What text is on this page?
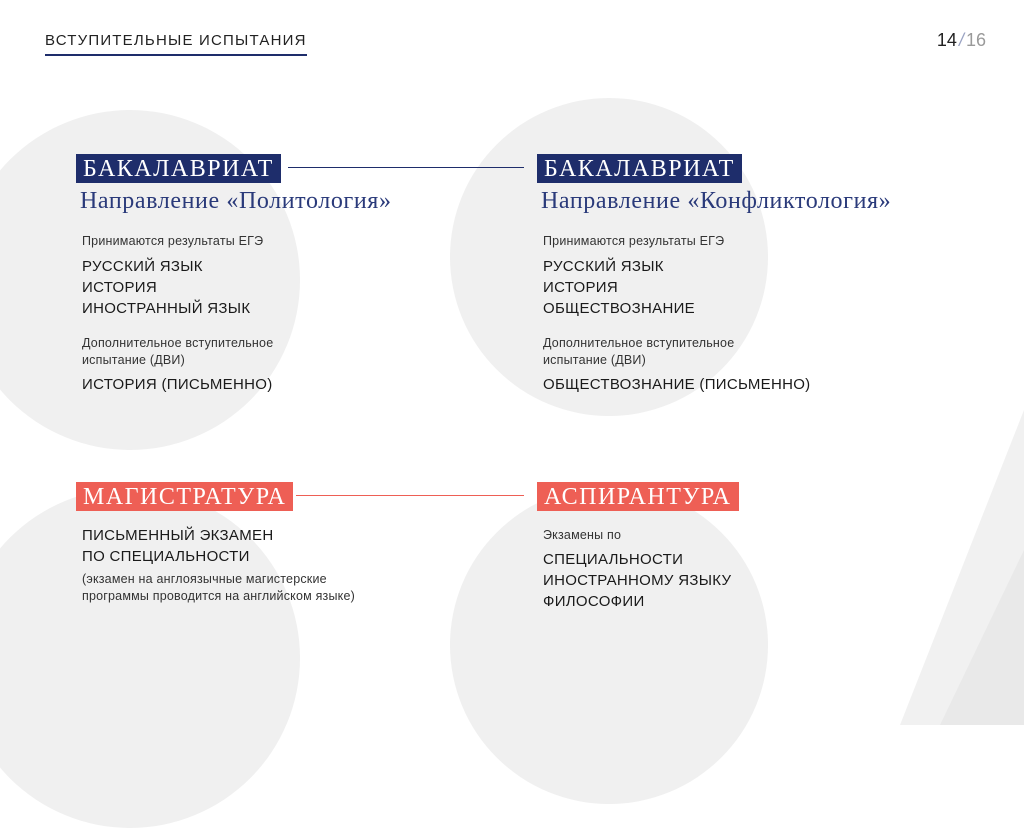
ВСТУПИТЕЛЬНЫЕ ИСПЫТАНИЯ	14 / 16
БАКАЛАВРИАТ
Направление «Политология»
Принимаются результаты ЕГЭ
РУССКИЙ ЯЗЫК
ИСТОРИЯ
ИНОСТРАННЫЙ ЯЗЫК
Дополнительное вступительное
испытание (ДВИ)
ИСТОРИЯ (ПИСЬМЕННО)
БАКАЛАВРИАТ
Направление «Конфликтология»
Принимаются результаты ЕГЭ
РУССКИЙ ЯЗЫК
ИСТОРИЯ
ОБЩЕСТВОЗНАНИЕ
Дополнительное вступительное
испытание (ДВИ)
ОБЩЕСТВОЗНАНИЕ (ПИСЬМЕННО)
МАГИСТРАТУРА
ПИСЬМЕННЫЙ ЭКЗАМЕН
ПО СПЕЦИАЛЬНОСТИ
(экзамен на англоязычные магистерские
программы проводится на английском языке)
АСПИРАНТУРА
Экзамены по
СПЕЦИАЛЬНОСТИ
ИНОСТРАННОМУ ЯЗЫКУ
ФИЛОСОФИИ
